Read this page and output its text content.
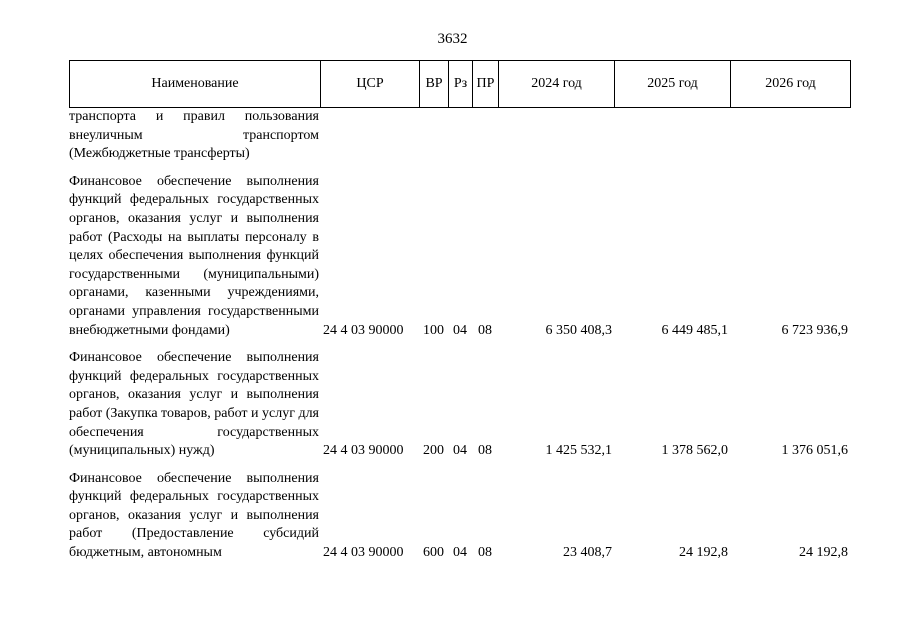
3632
Наименование	ЦСР	ВР	Рз	ПР	2024 год	2025 год	2026 год
транспорта и правил пользования внеуличным транспортом (Межбюджетные трансферты)							
Финансовое обеспечение выполнения функций федеральных государственных органов, оказания услуг и выполнения работ (Расходы на выплаты персоналу в целях обеспечения выполнения функций государственными (муниципальными) органами, казенными учреждениями, органами управления государственными внебюджетными фондами)	24 4 03 90000	100	04	08	6 350 408,3	6 449 485,1	6 723 936,9
Финансовое обеспечение выполнения функций федеральных государственных органов, оказания услуг и выполнения работ (Закупка товаров, работ и услуг для обеспечения государственных (муниципальных) нужд)	24 4 03 90000	200	04	08	1 425 532,1	1 378 562,0	1 376 051,6
Финансовое обеспечение выполнения функций федеральных государственных органов, оказания услуг и выполнения работ (Предоставление субсидий бюджетным, автономным	24 4 03 90000	600	04	08	23 408,7	24 192,8	24 192,8
